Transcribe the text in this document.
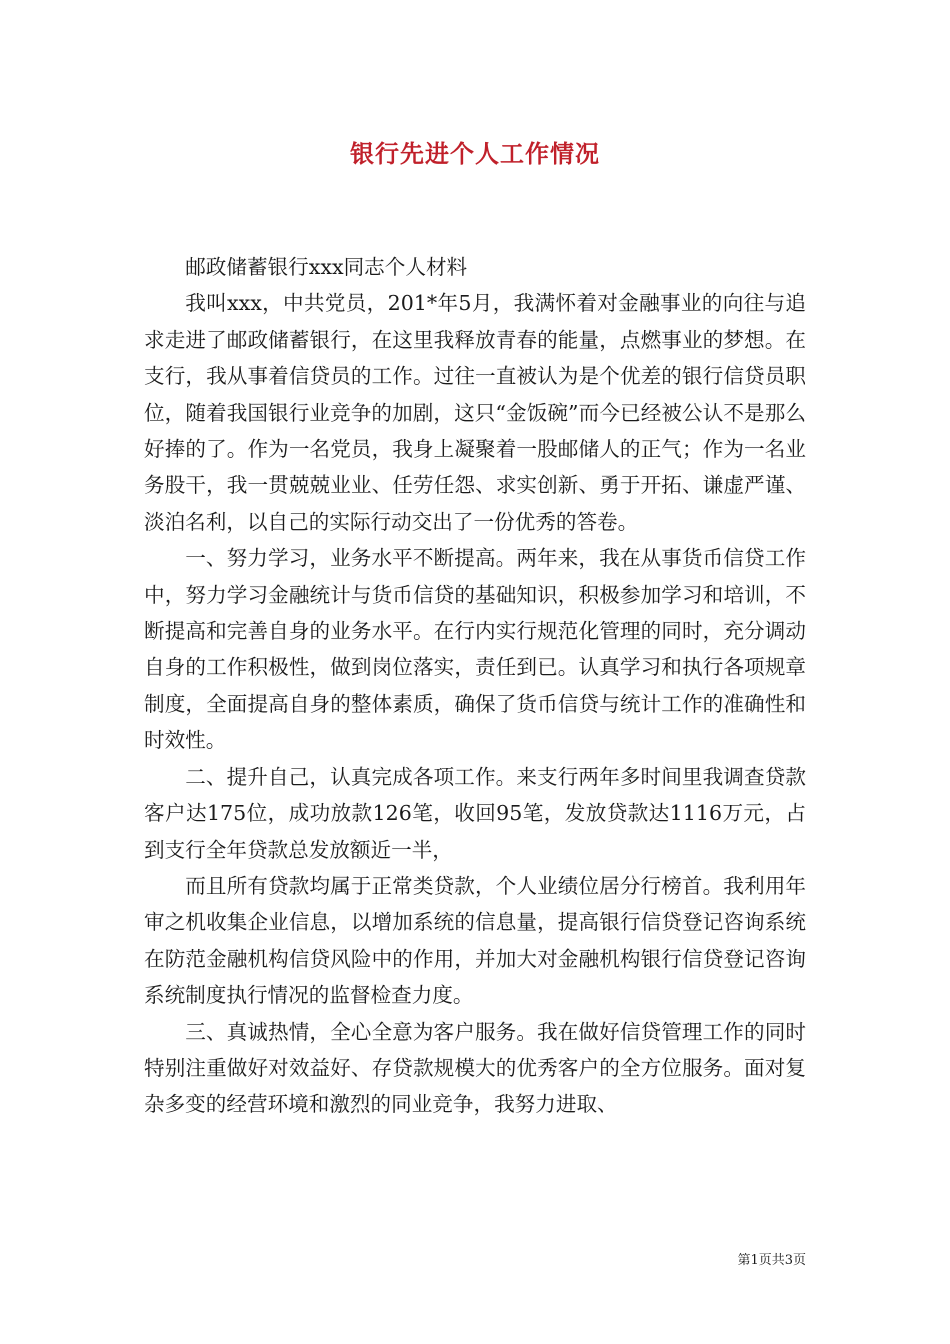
银行先进个人工作情况

邮政储蓄银行xxx同志个人材料

我叫xxx，中共党员，201*年5月，我满怀着对金融事业的向往与追求走进了邮政储蓄银行，在这里我释放青春的能量，点燃事业的梦想。在支行，我从事着信贷员的工作。过往一直被认为是个优差的银行信贷员职位，随着我国银行业竞争的加剧，这只“金饭碗”而今已经被公认不是那么好捧的了。作为一名党员，我身上凝聚着一股邮储人的正气；作为一名业务股干，我一贯兢兢业业、任劳任怨、求实创新、勇于开拓、谦虚严谨、淡泊名利，以自己的实际行动交出了一份优秀的答卷。

一、努力学习，业务水平不断提高。两年来，我在从事货币信贷工作中，努力学习金融统计与货币信贷的基础知识，积极参加学习和培训，不断提高和完善自身的业务水平。在行内实行规范化管理的同时，充分调动自身的工作积极性，做到岗位落实，责任到已。认真学习和执行各项规章制度，全面提高自身的整体素质，确保了货币信贷与统计工作的准确性和时效性。

二、提升自己，认真完成各项工作。来支行两年多时间里我调查贷款客户达175位，成功放款126笔，收回95笔，发放贷款达1116万元，占到支行全年贷款总发放额近一半，

而且所有贷款均属于正常类贷款，个人业绩位居分行榜首。我利用年审之机收集企业信息，以增加系统的信息量，提高银行信贷登记咨询系统在防范金融机构信贷风险中的作用，并加大对金融机构银行信贷登记咨询系统制度执行情况的监督检查力度。

三、真诚热情，全心全意为客户服务。我在做好信贷管理工作的同时特别注重做好对效益好、存贷款规模大的优秀客户的全方位服务。面对复杂多变的经营环境和激烈的同业竞争，我努力进取、

第1页共3页
